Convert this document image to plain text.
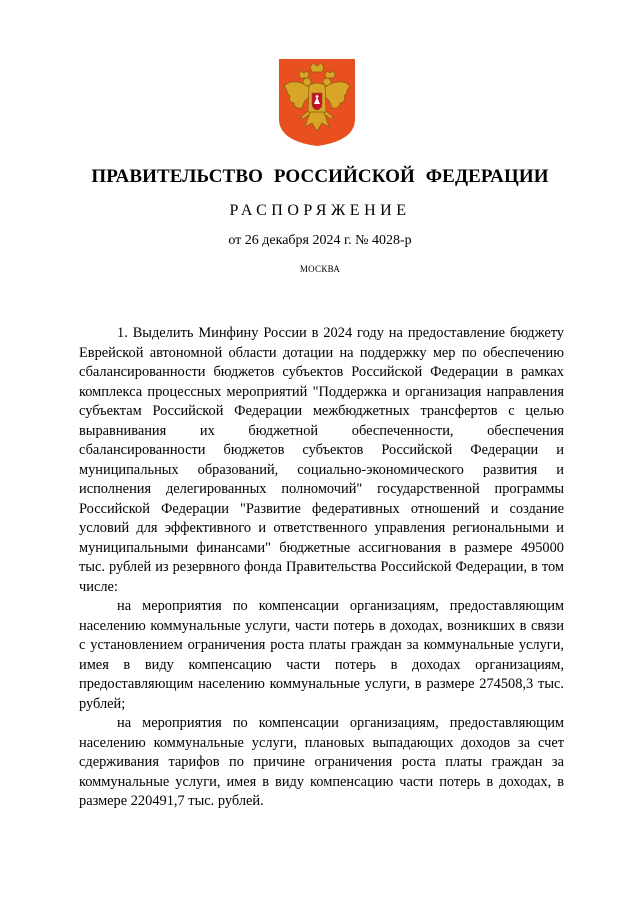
ПРАВИТЕЛЬСТВО РОССИЙСКОЙ ФЕДЕРАЦИИ
РАСПОРЯЖЕНИЕ
от 26 декабря 2024 г. № 4028-р
МОСКВА

1. Выделить Минфину России в 2024 году на предоставление бюджету Еврейской автономной области дотации на поддержку мер по обеспечению сбалансированности бюджетов субъектов Российской Федерации в рамках комплекса процессных мероприятий "Поддержка и организация направления субъектам Российской Федерации межбюджетных трансфертов с целью выравнивания их бюджетной обеспеченности, обеспечения сбалансированности бюджетов субъектов Российской Федерации и муниципальных образований, социально-экономического развития и исполнения делегированных полномочий" государственной программы Российской Федерации "Развитие федеративных отношений и создание условий для эффективного и ответственного управления региональными и муниципальными финансами" бюджетные ассигнования в размере 495000 тыс. рублей из резервного фонда Правительства Российской Федерации, в том числе:

на мероприятия по компенсации организациям, предоставляющим населению коммунальные услуги, части потерь в доходах, возникших в связи с установлением ограничения роста платы граждан за коммунальные услуги, имея в виду компенсацию части потерь в доходах организациям, предоставляющим населению коммунальные услуги, в размере 274508,3 тыс. рублей;

на мероприятия по компенсации организациям, предоставляющим населению коммунальные услуги, плановых выпадающих доходов за счет сдерживания тарифов по причине ограничения роста платы граждан за коммунальные услуги, имея в виду компенсацию части потерь в доходах, в размере 220491,7 тыс. рублей.
